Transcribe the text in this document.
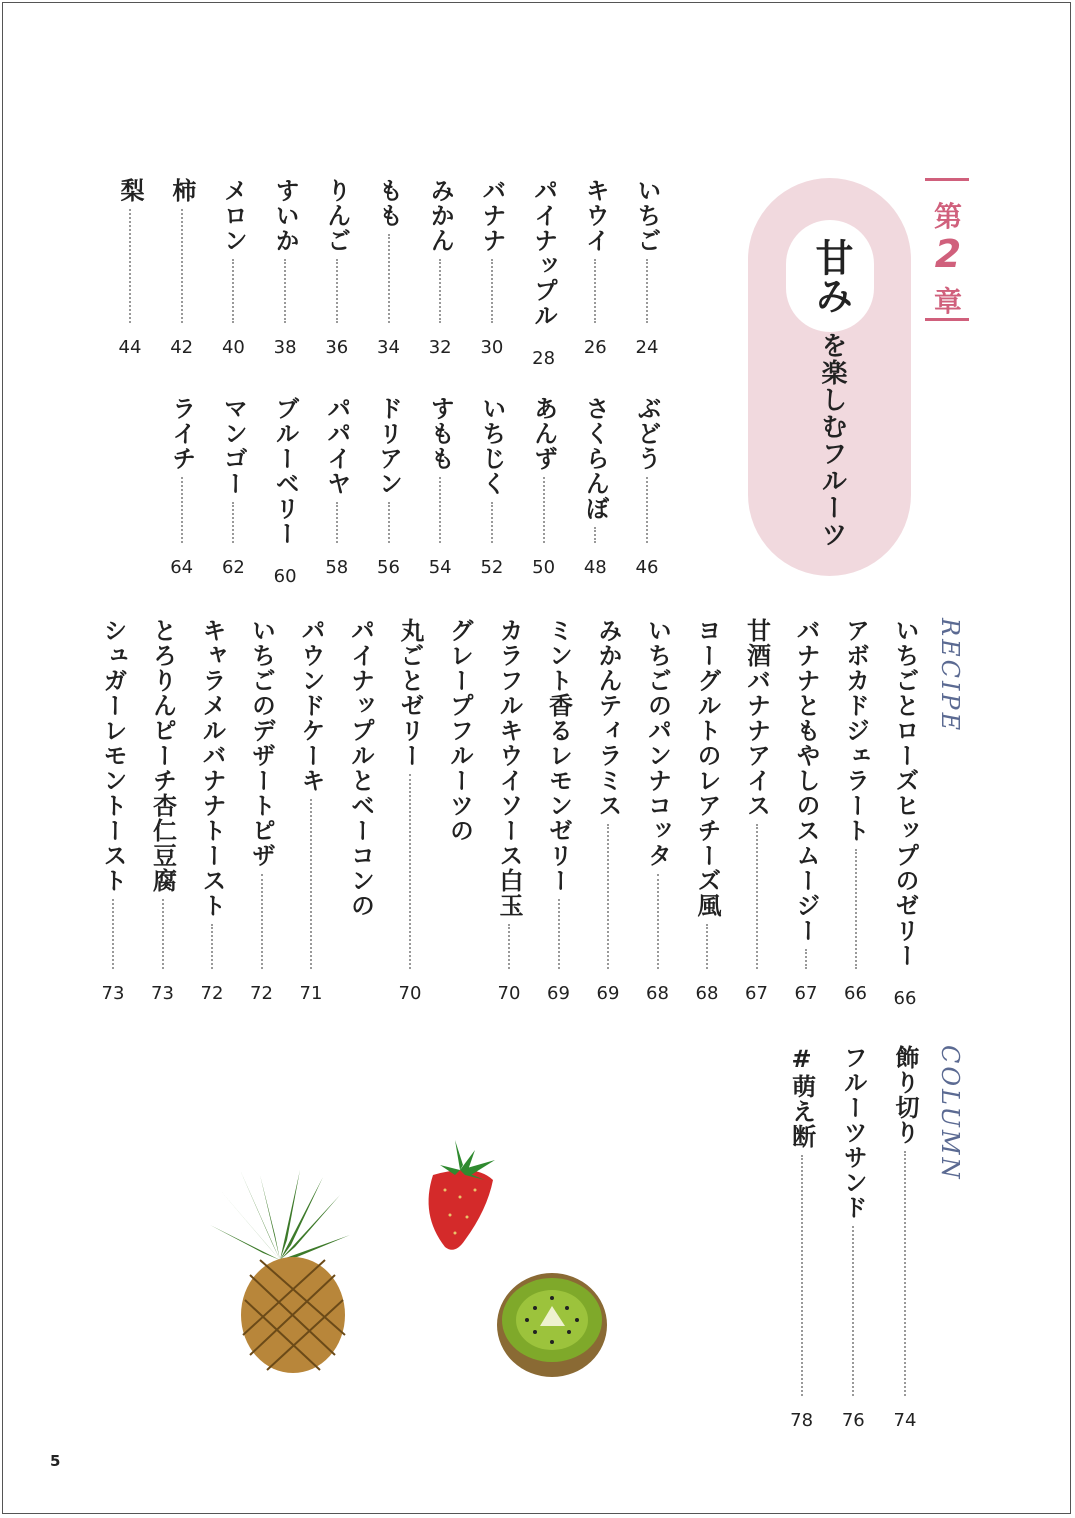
第
2
章
甘み
を楽しむフルーツ
いちご
24
キウイ
26
パイナップル
28
バナナ
30
みかん
32
もも
34
りんご
36
すいか
38
メロン
40
柿
42
梨
44
ぶどう
46
さくらんぼ
48
あんず
50
いちじく
52
すもも
54
ドリアン
56
パパイヤ
58
ブルーベリー
60
マンゴー
62
ライチ
64
RECIPE
いちごとローズヒップのゼリー
66
アボカドジェラート
66
バナナともやしのスムージー
67
甘酒バナナアイス
67
ヨーグルトのレアチーズ風
68
いちごのパンナコッタ
68
みかんティラミス
69
ミント香るレモンゼリー
69
カラフルキウイソース白玉
70
グレープフルーツの
丸ごとゼリー
70
パイナップルとベーコンの
パウンドケーキ
71
いちごのデザートピザ
72
キャラメルバナナトースト
72
とろりんピーチ杏仁豆腐
73
シュガーレモントースト
73
COLUMN
飾り切り
74
フルーツサンド
76
#萌え断
78
5
